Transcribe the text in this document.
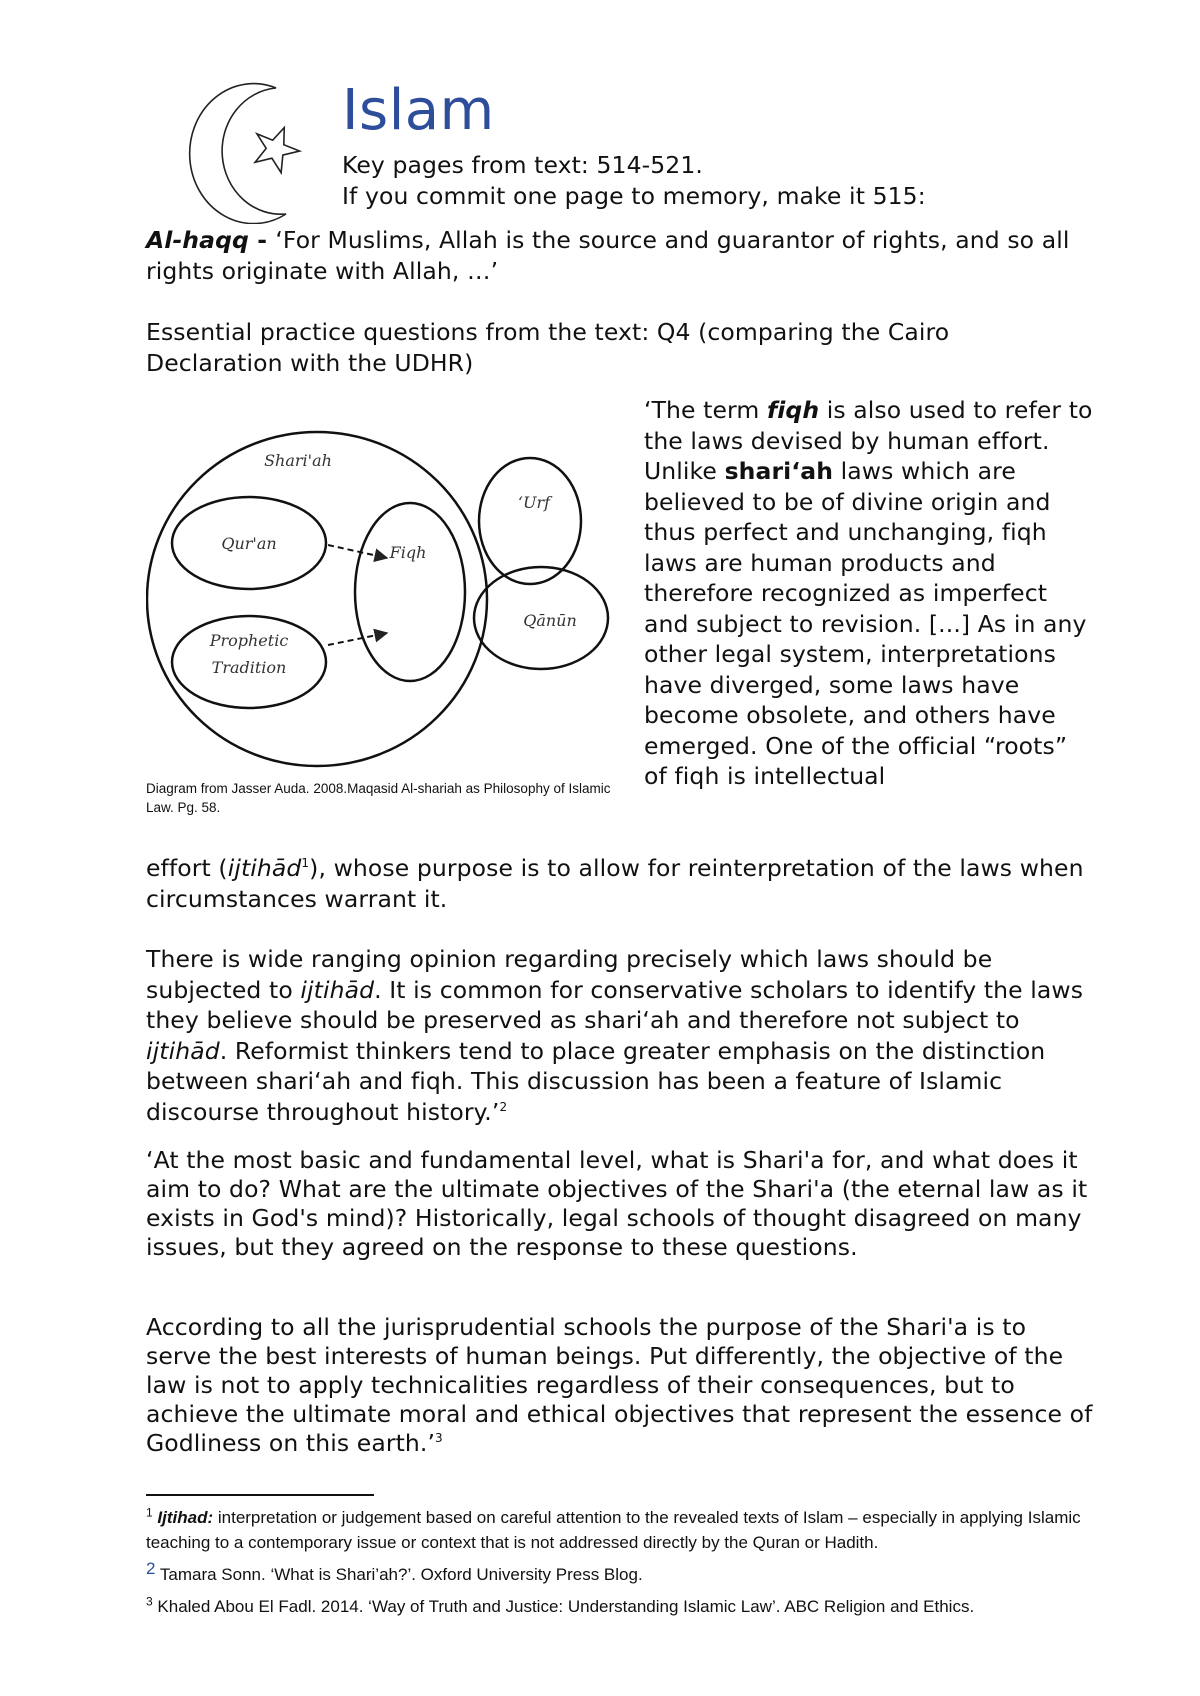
Islam
Key pages from text: 514-521.
If you commit one page to memory, make it 515:

Al-haqq - ‘For Muslims, Allah is the source and guarantor of rights, and so all rights originate with Allah, …’

Essential practice questions from the text: Q4 (comparing the Cairo Declaration with the UDHR)

Shari'ah
Qur'an	Fiqh
‘Urf
Qānūn
Prophetic
Tradition
Diagram from Jasser Auda. 2008.Maqasid Al-shariah as Philosophy of Islamic Law. Pg. 58.

‘The term fiqh is also used to refer to the laws devised by human effort. Unlike shari‘ah laws which are believed to be of divine origin and thus perfect and unchanging, fiqh laws are human products and therefore recognized as imperfect and subject to revision. [...] As in any other legal system, interpretations have diverged, some laws have become obsolete, and others have emerged. One of the official “roots” of fiqh is intellectual

effort (ijtihād$^1$), whose purpose is to allow for reinterpretation of the laws when circumstances warrant it.

There is wide ranging opinion regarding precisely which laws should be subjected to ijtihād. It is common for conservative scholars to identify the laws they believe should be preserved as shari‘ah and therefore not subject to ijtihād. Reformist thinkers tend to place greater emphasis on the distinction between shari‘ah and fiqh. This discussion has been a feature of Islamic discourse throughout history.’$^2$

‘At the most basic and fundamental level, what is Shari'a for, and what does it aim to do? What are the ultimate objectives of the Shari'a (the eternal law as it exists in God's mind)? Historically, legal schools of thought disagreed on many issues, but they agreed on the response to these questions.

According to all the jurisprudential schools the purpose of the Shari'a is to serve the best interests of human beings. Put differently, the objective of the law is not to apply technicalities regardless of their consequences, but to achieve the ultimate moral and ethical objectives that represent the essence of Godliness on this earth.’$^3$

$^1$ Ijtihad: interpretation or judgement based on careful attention to the revealed texts of Islam – especially in applying Islamic teaching to a contemporary issue or context that is not addressed directly by the Quran or Hadith.

$^2$ Tamara Sonn. ‘What is Shari’ah?’. Oxford University Press Blog.

$^3$ Khaled Abou El Fadl. 2014. ‘Way of Truth and Justice: Understanding Islamic Law’. ABC Religion and Ethics.
